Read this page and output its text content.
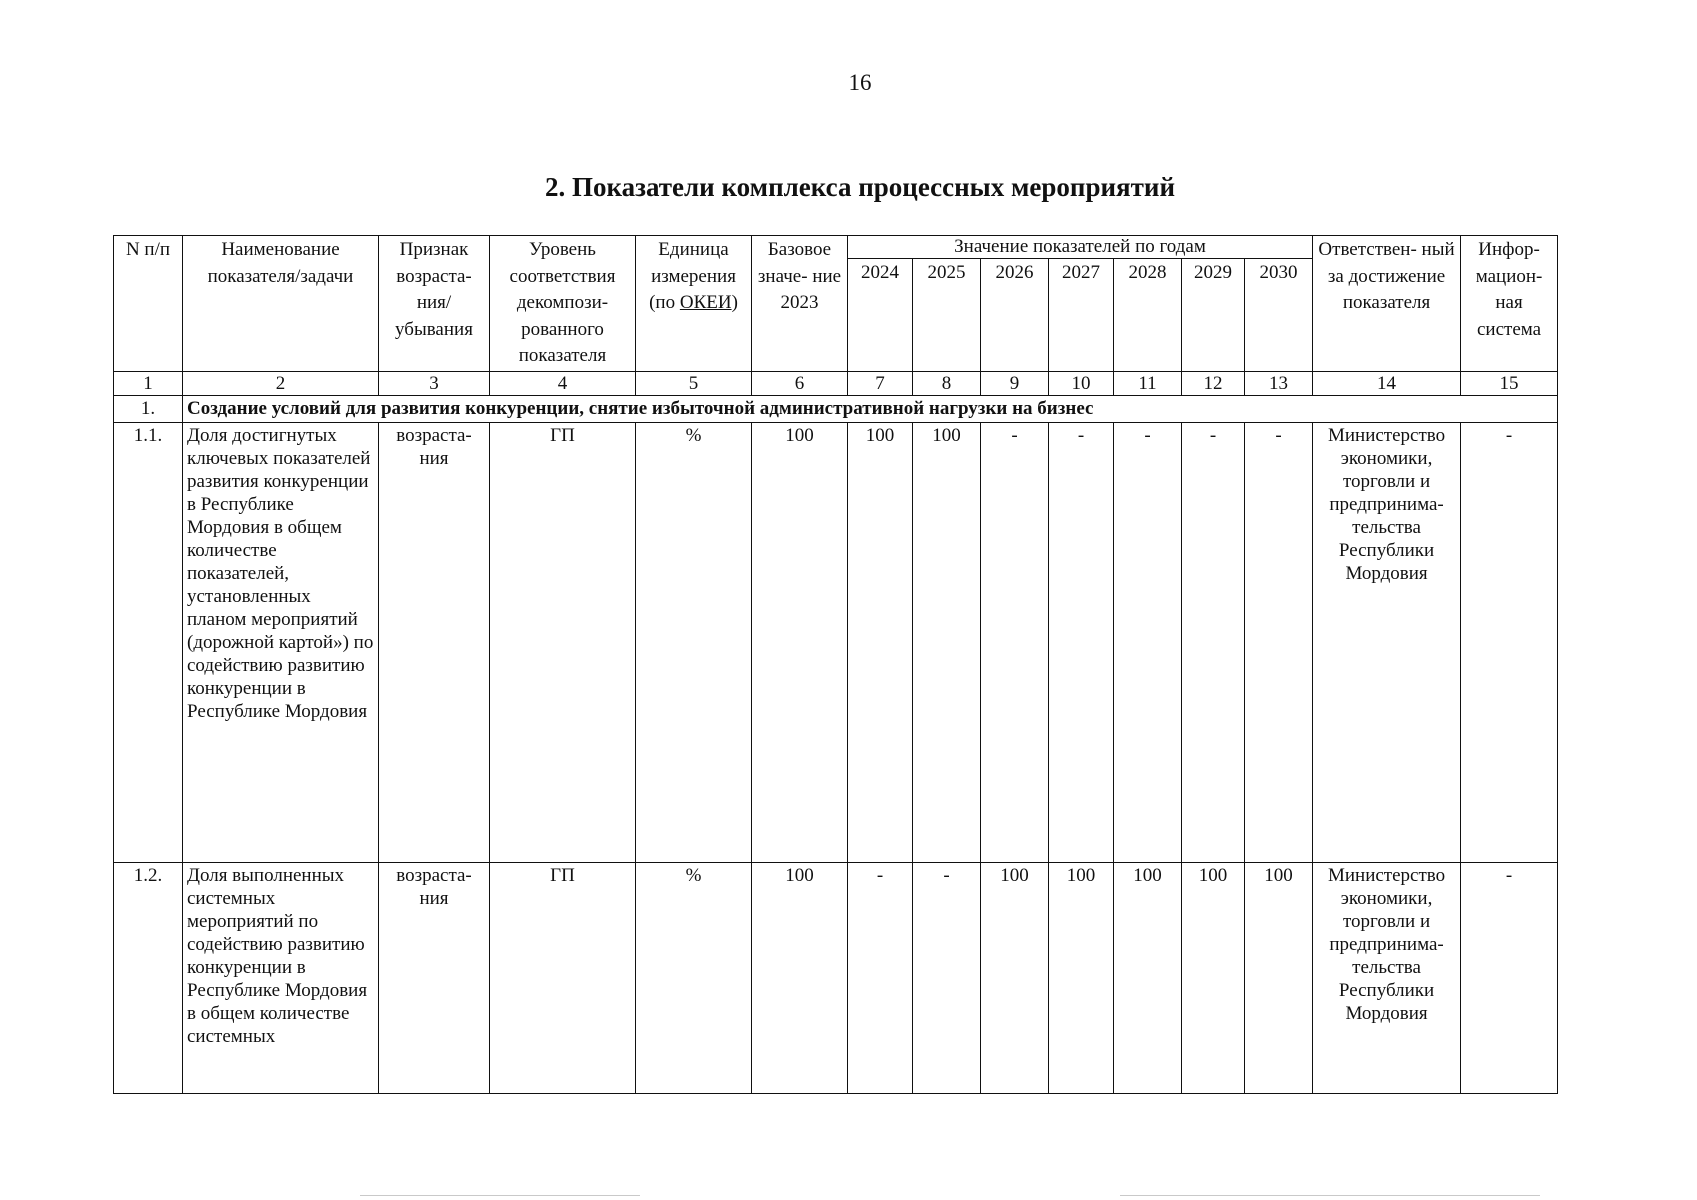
16
2. Показатели комплекса процессных мероприятий
N п/п	Наименование показателя/задачи	Признак возраста- ния/ убывания	Уровень соответствия декомпози- рованного показателя	Единица измерения (по ОКЕИ)	Базовое значе- ние 2023	Значение показателей по годам							Ответствен- ный за достижение показателя	Инфор- мацион- ная система
						2024	2025	2026	2027	2028	2029	2030		
1	2	3	4	5	6	7	8	9	10	11	12	13	14	15
1.	Создание условий для развития конкуренции, снятие избыточной административной нагрузки на бизнес													
1.1.	Доля достигнутых ключевых показателей развития конкуренции в Республике Мордовия в общем количестве показателей, установленных планом мероприятий (дорожной картой») по содействию развитию конкуренции в Республике Мордовия	возраста- ния	ГП	%	100	100	100	-	-	-	-	-	Министерство экономики, торговли и предпринима- тельства Республики Мордовия	-
1.2.	Доля выполненных системных мероприятий по содействию развитию конкуренции в Республике Мордовия в общем количестве системных	возраста- ния	ГП	%	100	-	-	100	100	100	100	100	Министерство экономики, торговли и предпринима- тельства Республики Мордовия	-
